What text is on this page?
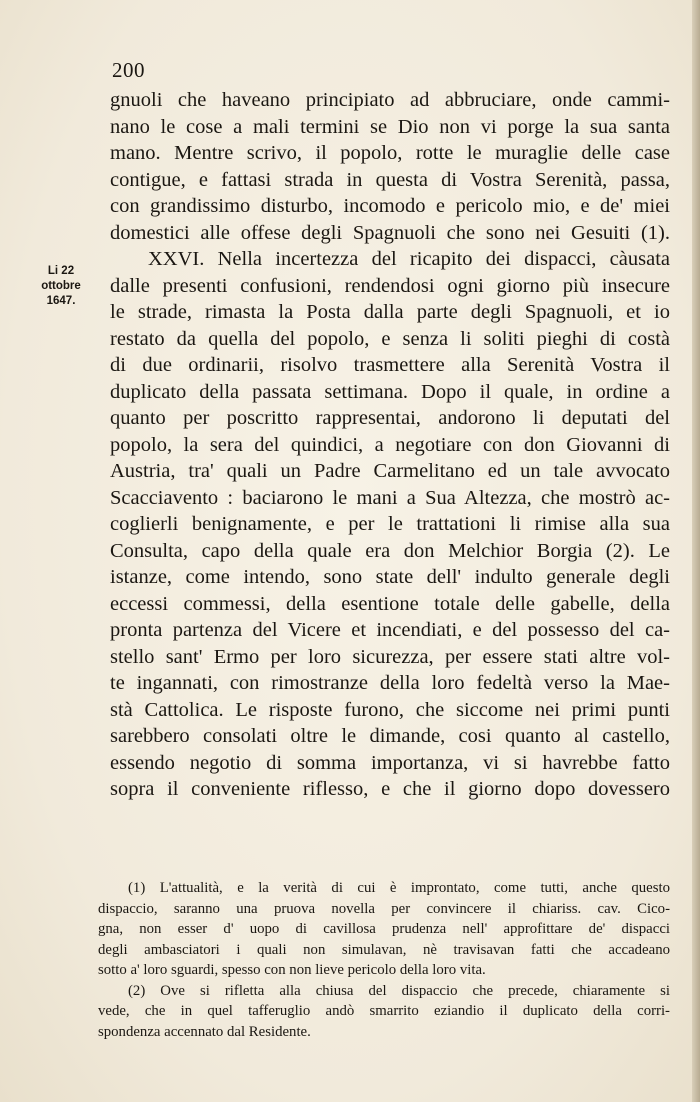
200
Li 22
ottobre
1647.
gnuoli che haveano principiato ad abbruciare, onde cammi-
nano le cose a mali termini se Dio non vi porge la sua santa
mano. Mentre scrivo, il popolo, rotte le muraglie delle case
contigue, e fattasi strada in questa di Vostra Serenità, passa,
con grandissimo disturbo, incomodo e pericolo mio, e de' miei
domestici alle offese degli Spagnuoli che sono nei Gesuiti (1).
XXVI. Nella incertezza del ricapito dei dispacci, càusata
dalle presenti confusioni, rendendosi ogni giorno più insecure
le strade, rimasta la Posta dalla parte degli Spagnuoli, et io
restato da quella del popolo, e senza li soliti pieghi di costà
di due ordinarii, risolvo trasmettere alla Serenità Vostra il
duplicato della passata settimana. Dopo il quale, in ordine a
quanto per poscritto rappresentai, andorono li deputati del
popolo, la sera del quindici, a negotiare con don Giovanni di
Austria, tra' quali un Padre Carmelitano ed un tale avvocato
Scacciavento : baciarono le mani a Sua Altezza, che mostrò ac-
coglierli benignamente, e per le trattationi li rimise alla sua
Consulta, capo della quale era don Melchior Borgia (2). Le
istanze, come intendo, sono state dell' indulto generale degli
eccessi commessi, della esentione totale delle gabelle, della
pronta partenza del Vicere et incendiati, e del possesso del ca-
stello sant' Ermo per loro sicurezza, per essere stati altre vol-
te ingannati, con rimostranze della loro fedeltà verso la Mae-
stà Cattolica. Le risposte furono, che siccome nei primi punti
sarebbero consolati oltre le dimande, cosi quanto al castello,
essendo negotio di somma importanza, vi si havrebbe fatto
sopra il conveniente riflesso, e che il giorno dopo dovessero
(1) L'attualità, e la verità di cui è improntato, come tutti, anche questo
dispaccio, saranno una pruova novella per convincere il chiariss. cav. Cico-
gna, non esser d' uopo di cavillosa prudenza nell' approfittare de' dispacci
degli ambasciatori i quali non simulavan, nè travisavan fatti che accadeano
sotto a' loro sguardi, spesso con non lieve pericolo della loro vita.
(2) Ove si rifletta alla chiusa del dispaccio che precede, chiaramente si
vede, che in quel tafferuglio andò smarrito eziandio il duplicato della corri-
spondenza accennato dal Residente.
